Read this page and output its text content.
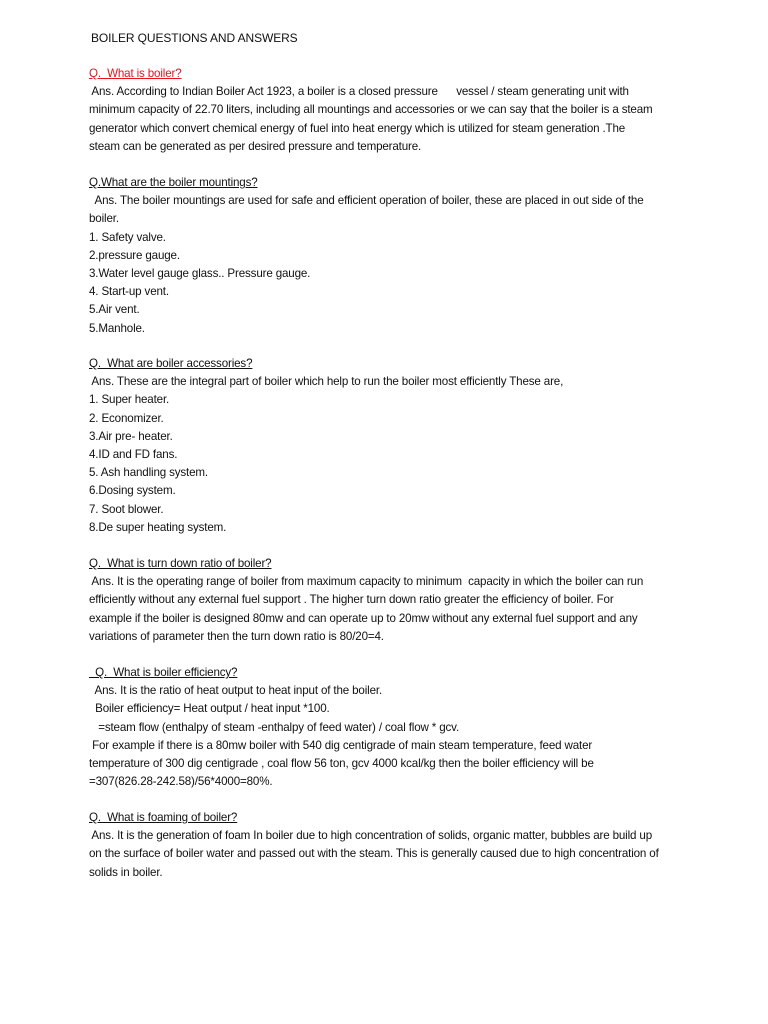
BOILER QUESTIONS AND ANSWERS
Q.  What is boiler?
Ans. According to Indian Boiler Act 1923, a boiler is a closed pressure      vessel / steam generating unit with
minimum capacity of 22.70 liters, including all mountings and accessories or we can say that the boiler is a steam
generator which convert chemical energy of fuel into heat energy which is utilized for steam generation .The
steam can be generated as per desired pressure and temperature.
Q.What are the boiler mountings?
Ans. The boiler mountings are used for safe and efficient operation of boiler, these are placed in out side of the
boiler.
1. Safety valve.
2.pressure gauge.
3.Water level gauge glass.. Pressure gauge.
4. Start-up vent.
5.Air vent.
5.Manhole.
Q.  What are boiler accessories?
Ans. These are the integral part of boiler which help to run the boiler most efficiently These are,
1. Super heater.
2. Economizer.
3.Air pre- heater.
4.ID and FD fans.
5. Ash handling system.
6.Dosing system.
7. Soot blower.
8.De super heating system.
Q.  What is turn down ratio of boiler?
Ans. It is the operating range of boiler from maximum capacity to minimum  capacity in which the boiler can run
efficiently without any external fuel support . The higher turn down ratio greater the efficiency of boiler. For
example if the boiler is designed 80mw and can operate up to 20mw without any external fuel support and any
variations of parameter then the turn down ratio is 80/20=4.
Q.  What is boiler efficiency?
Ans. It is the ratio of heat output to heat input of the boiler.
Boiler efficiency= Heat output / heat input *100.
=steam flow (enthalpy of steam -enthalpy of feed water) / coal flow * gcv.
For example if there is a 80mw boiler with 540 dig centigrade of main steam temperature, feed water
temperature of 300 dig centigrade , coal flow 56 ton, gcv 4000 kcal/kg then the boiler efficiency will be
=307(826.28-242.58)/56*4000=80%.
Q.  What is foaming of boiler?
Ans. It is the generation of foam In boiler due to high concentration of solids, organic matter, bubbles are build up
on the surface of boiler water and passed out with the steam. This is generally caused due to high concentration of
solids in boiler.
